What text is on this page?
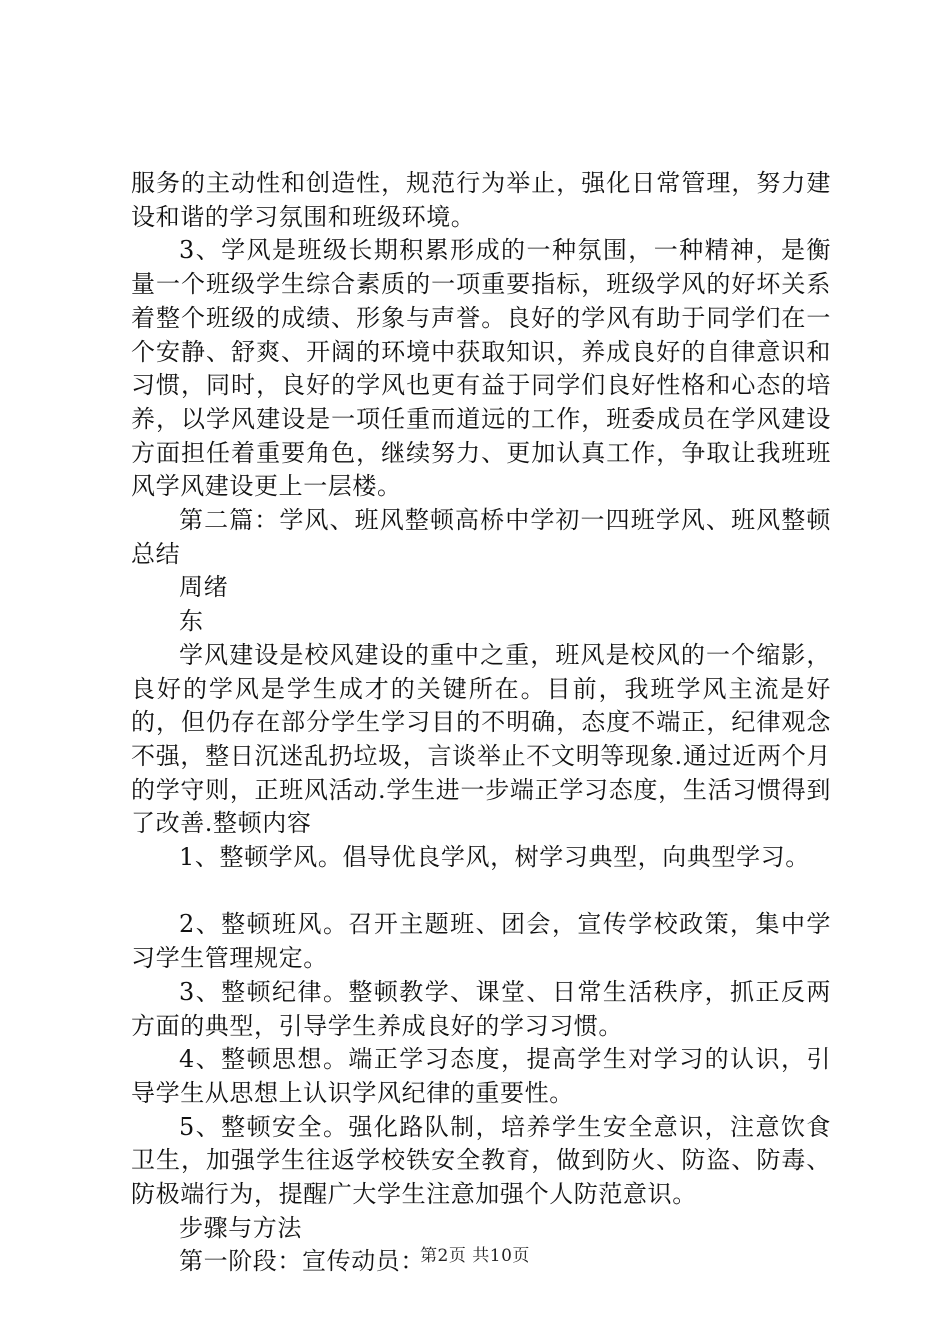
服务的主动性和创造性，规范行为举止，强化日常管理，努力建设和谐的学习氛围和班级环境。

3、学风是班级长期积累形成的一种氛围，一种精神，是衡量一个班级学生综合素质的一项重要指标，班级学风的好坏关系着整个班级的成绩、形象与声誉。良好的学风有助于同学们在一个安静、舒爽、开阔的环境中获取知识，养成良好的自律意识和习惯，同时，良好的学风也更有益于同学们良好性格和心态的培养，以学风建设是一项任重而道远的工作，班委成员在学风建设方面担任着重要角色，继续努力、更加认真工作，争取让我班班风学风建设更上一层楼。

第二篇：学风、班风整顿高桥中学初一四班学风、班风整顿总结

周绪

东

学风建设是校风建设的重中之重，班风是校风的一个缩影，良好的学风是学生成才的关键所在。目前，我班学风主流是好的，但仍存在部分学生学习目的不明确，态度不端正，纪律观念不强，整日沉迷乱扔垃圾，言谈举止不文明等现象.通过近两个月的学守则，正班风活动.学生进一步端正学习态度，生活习惯得到了改善.整顿内容

1、整顿学风。倡导优良学风，树学习典型，向典型学习。

2、整顿班风。召开主题班、团会，宣传学校政策，集中学习学生管理规定。

3、整顿纪律。整顿教学、课堂、日常生活秩序，抓正反两方面的典型，引导学生养成良好的学习习惯。

4、整顿思想。端正学习态度，提高学生对学习的认识，引导学生从思想上认识学风纪律的重要性。

5、整顿安全。强化路队制，培养学生安全意识，注意饮食卫生，加强学生往返学校铁安全教育，做到防火、防盗、防毒、防极端行为，提醒广大学生注意加强个人防范意识。

步骤与方法

第一阶段：宣传动员：

第2页 共10页
